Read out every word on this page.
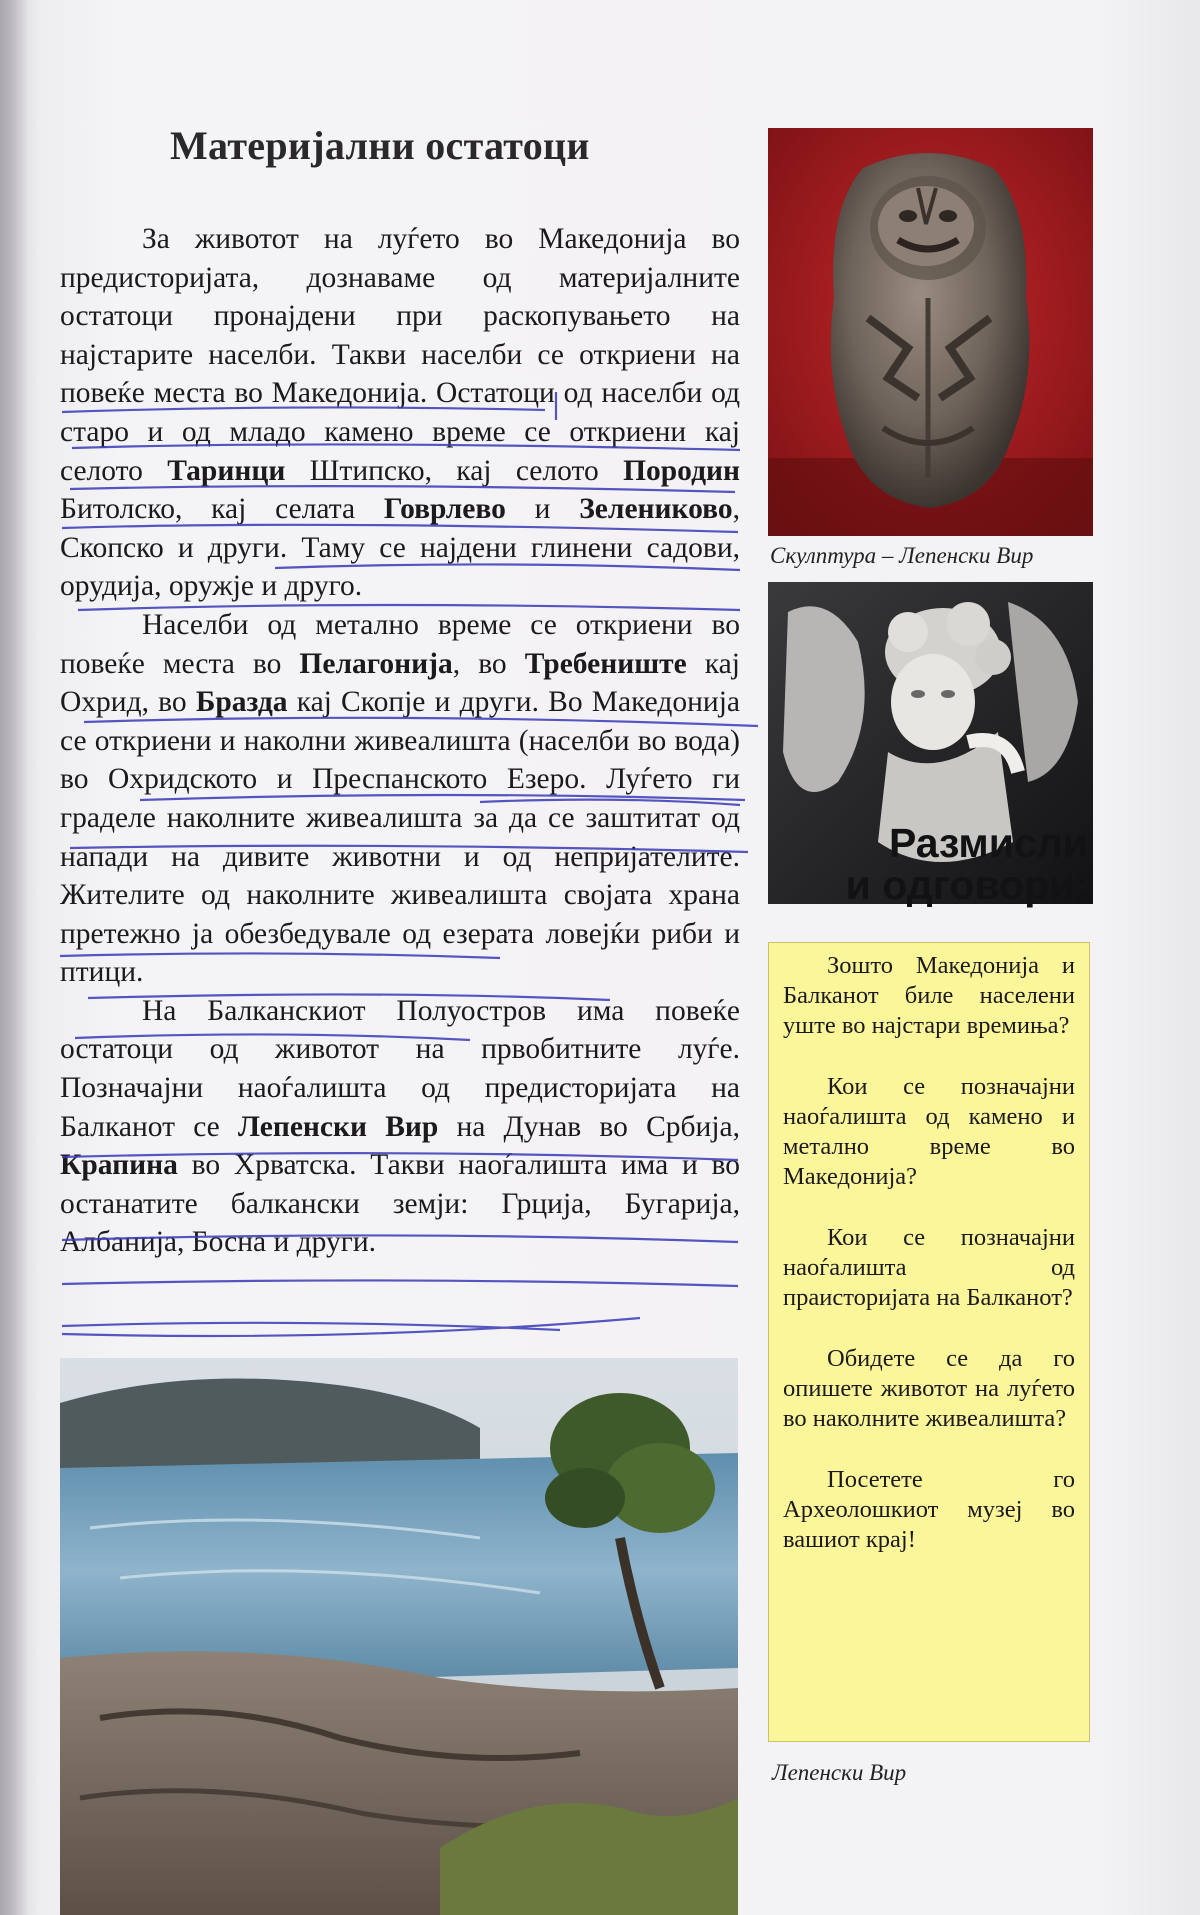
Материјални остатоци

За животот на луѓето во Македонија во предисторијата, дознаваме од материјалните остатоци пронајдени при раскопувањето на најстарите населби. Такви населби се откриени на повеќе места во Македонија. Остатоци од населби од старо и од младо камено време се откриени кај селото Таринци Штипско, кај селото Породин Битолско, кај селата Говрлево и Зелениково, Скопско и други. Таму се најдени глинени садови, орудија, оружје и друго.

Населби од метално време се откриени во повеќе места во Пелагонија, во Требениште кај Охрид, во Бразда кај Скопје и други. Во Македонија се откриени и наколни живеалишта (населби во вода) во Охридското и Преспанското Езеро. Луѓето ги граделе наколните живеалишта за да се заштитат од напади на дивите животни и од непријателите. Жителите од наколните живеалишта својата храна претежно ја обезбедувале од езерата ловејќи риби и птици.

На Балканскиот Полуостров има повеќе остатоци од животот на првобитните луѓе. Позначајни наоѓалишта од предисторијата на Балканот се Лепенски Вир на Дунав во Србија, Крапина во Хрватска. Такви наоѓалишта има и во останатите балкански земји: Грција, Бугарија, Албанија, Босна и други.

Скулптура – Лепенски Вир
Размисли
и одговори:

Зошто Македонија и Балканот биле населени уште во најстари времиња?

Кои се позначајни наоѓалишта од камено и метално време во Македонија?

Кои се позначајни наоѓалишта од праисторијата на Балканот?

Обидете се да го опишете животот на луѓето во наколните живеалишта?

Посетете го Археолошкиот музеј во вашиот крај!

Лепенски Вир
